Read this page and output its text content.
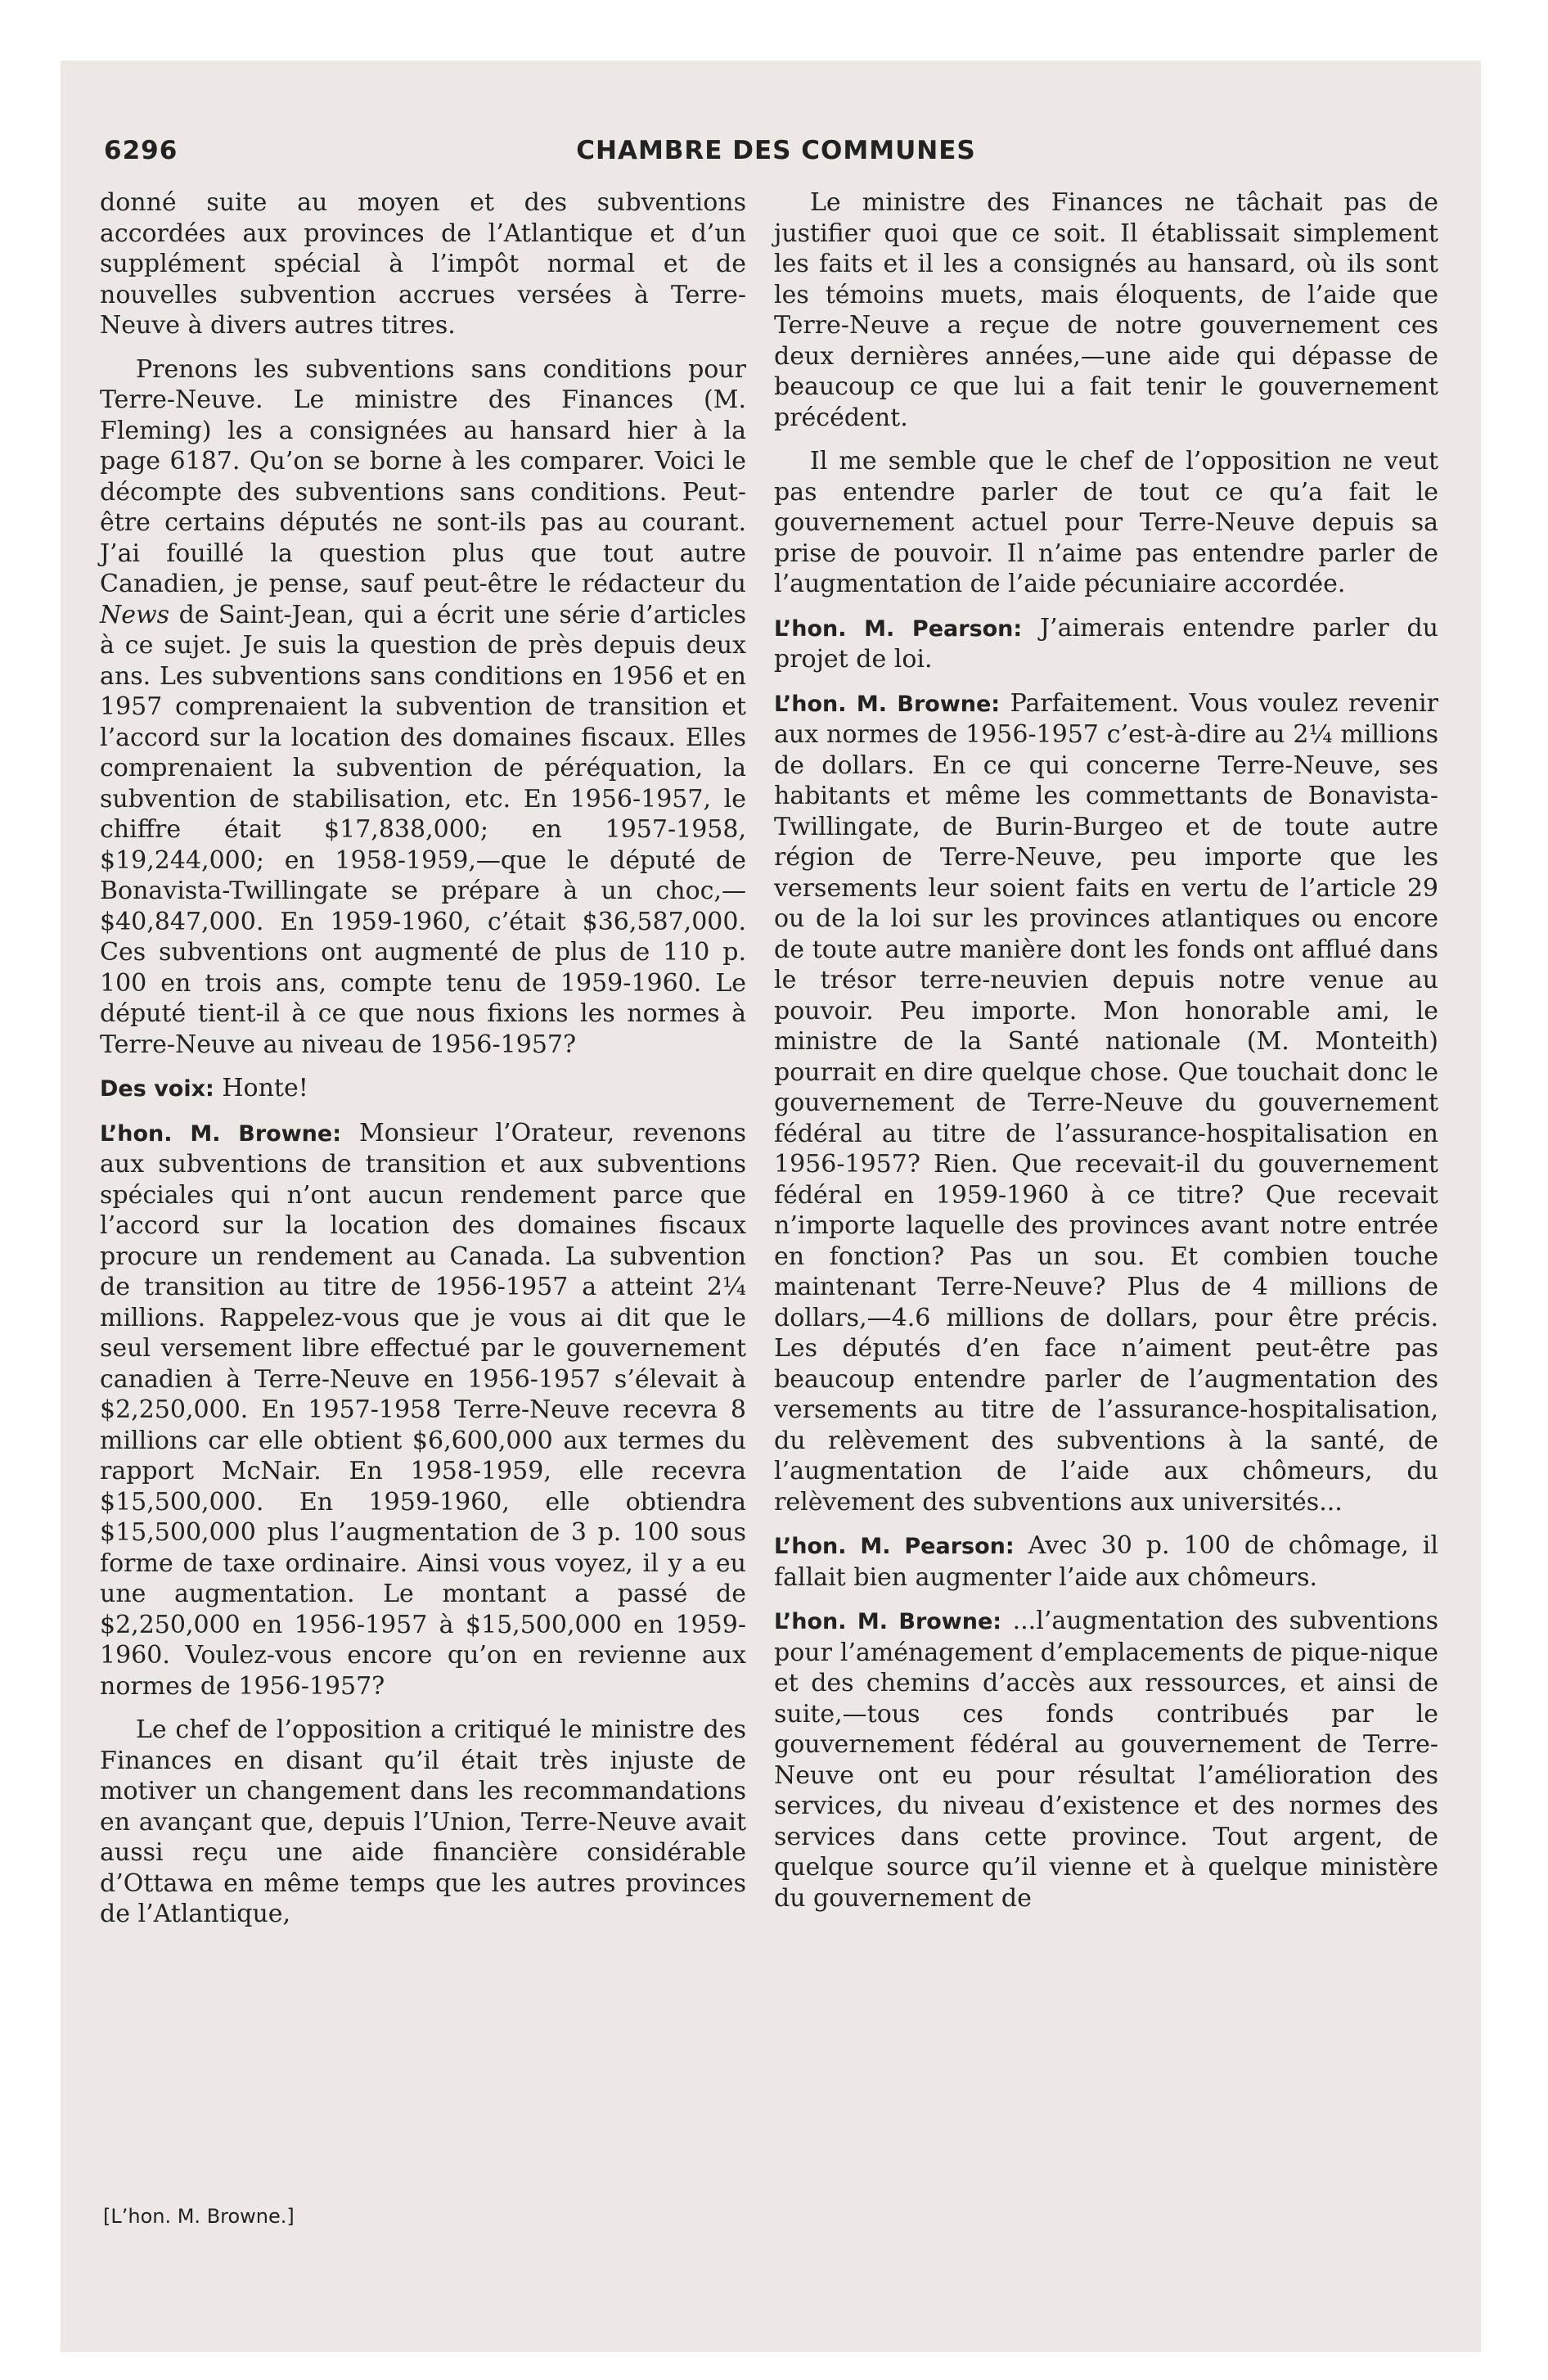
6296	CHAMBRE DES COMMUNES

donné suite au moyen et des subventions accordées aux provinces de l’Atlantique et d’un supplément spécial à l’impôt normal et de nouvelles subvention accrues versées à Terre-Neuve à divers autres titres.

Prenons les subventions sans conditions pour Terre-Neuve. Le ministre des Finances (M. Fleming) les a consignées au hansard hier à la page 6187. Qu’on se borne à les comparer. Voici le décompte des subventions sans conditions. Peut-être certains députés ne sont-ils pas au courant. J’ai fouillé la question plus que tout autre Canadien, je pense, sauf peut-être le rédacteur du News de Saint-Jean, qui a écrit une série d’articles à ce sujet. Je suis la question de près depuis deux ans. Les subventions sans conditions en 1956 et en 1957 comprenaient la subvention de transition et l’accord sur la location des domaines fiscaux. Elles comprenaient la subvention de péréquation, la subvention de stabilisation, etc. En 1956-1957, le chiffre était $17,838,000; en 1957-1958, $19,244,000; en 1958-1959,—que le député de Bonavista-Twillingate se prépare à un choc,—$40,847,000. En 1959-1960, c’était $36,587,000. Ces subventions ont augmenté de plus de 110 p. 100 en trois ans, compte tenu de 1959-1960. Le député tient-il à ce que nous fixions les normes à Terre-Neuve au niveau de 1956-1957?

Des voix: Honte!

L’hon. M. Browne: Monsieur l’Orateur, revenons aux subventions de transition et aux subventions spéciales qui n’ont aucun rendement parce que l’accord sur la location des domaines fiscaux procure un rendement au Canada. La subvention de transition au titre de 1956-1957 a atteint 2¼ millions. Rappelez-vous que je vous ai dit que le seul versement libre effectué par le gouvernement canadien à Terre-Neuve en 1956-1957 s’élevait à $2,250,000. En 1957-1958 Terre-Neuve recevra 8 millions car elle obtient $6,600,000 aux termes du rapport McNair. En 1958-1959, elle recevra $15,500,000. En 1959-1960, elle obtiendra $15,500,000 plus l’augmentation de 3 p. 100 sous forme de taxe ordinaire. Ainsi vous voyez, il y a eu une augmentation. Le montant a passé de $2,250,000 en 1956-1957 à $15,500,000 en 1959-1960. Voulez-vous encore qu’on en revienne aux normes de 1956-1957?

Le chef de l’opposition a critiqué le ministre des Finances en disant qu’il était très injuste de motiver un changement dans les recommandations en avançant que, depuis l’Union, Terre-Neuve avait aussi reçu une aide financière considérable d’Ottawa en même temps que les autres provinces de l’Atlantique,

Le ministre des Finances ne tâchait pas de justifier quoi que ce soit. Il établissait simplement les faits et il les a consignés au hansard, où ils sont les témoins muets, mais éloquents, de l’aide que Terre-Neuve a reçue de notre gouvernement ces deux dernières années,—une aide qui dépasse de beaucoup ce que lui a fait tenir le gouvernement précédent.

Il me semble que le chef de l’opposition ne veut pas entendre parler de tout ce qu’a fait le gouvernement actuel pour Terre-Neuve depuis sa prise de pouvoir. Il n’aime pas entendre parler de l’augmentation de l’aide pécuniaire accordée.

L’hon. M. Pearson: J’aimerais entendre parler du projet de loi.

L’hon. M. Browne: Parfaitement. Vous voulez revenir aux normes de 1956-1957 c’est-à-dire au 2¼ millions de dollars. En ce qui concerne Terre-Neuve, ses habitants et même les commettants de Bonavista-Twillingate, de Burin-Burgeo et de toute autre région de Terre-Neuve, peu importe que les versements leur soient faits en vertu de l’article 29 ou de la loi sur les provinces atlantiques ou encore de toute autre manière dont les fonds ont afflué dans le trésor terre-neuvien depuis notre venue au pouvoir. Peu importe. Mon honorable ami, le ministre de la Santé nationale (M. Monteith) pourrait en dire quelque chose. Que touchait donc le gouvernement de Terre-Neuve du gouvernement fédéral au titre de l’assurance-hospitalisation en 1956-1957? Rien. Que recevait-il du gouvernement fédéral en 1959-1960 à ce titre? Que recevait n’importe laquelle des provinces avant notre entrée en fonction? Pas un sou. Et combien touche maintenant Terre-Neuve? Plus de 4 millions de dollars,—4.6 millions de dollars, pour être précis. Les députés d’en face n’aiment peut-être pas beaucoup entendre parler de l’augmentation des versements au titre de l’assurance-hospitalisation, du relèvement des subventions à la santé, de l’augmentation de l’aide aux chômeurs, du relèvement des subventions aux universités...

L’hon. M. Pearson: Avec 30 p. 100 de chômage, il fallait bien augmenter l’aide aux chômeurs.

L’hon. M. Browne: ...l’augmentation des subventions pour l’aménagement d’emplacements de pique-nique et des chemins d’accès aux ressources, et ainsi de suite,—tous ces fonds contribués par le gouvernement fédéral au gouvernement de Terre-Neuve ont eu pour résultat l’amélioration des services, du niveau d’existence et des normes des services dans cette province. Tout argent, de quelque source qu’il vienne et à quelque ministère du gouvernement de

[L’hon. M. Browne.]
